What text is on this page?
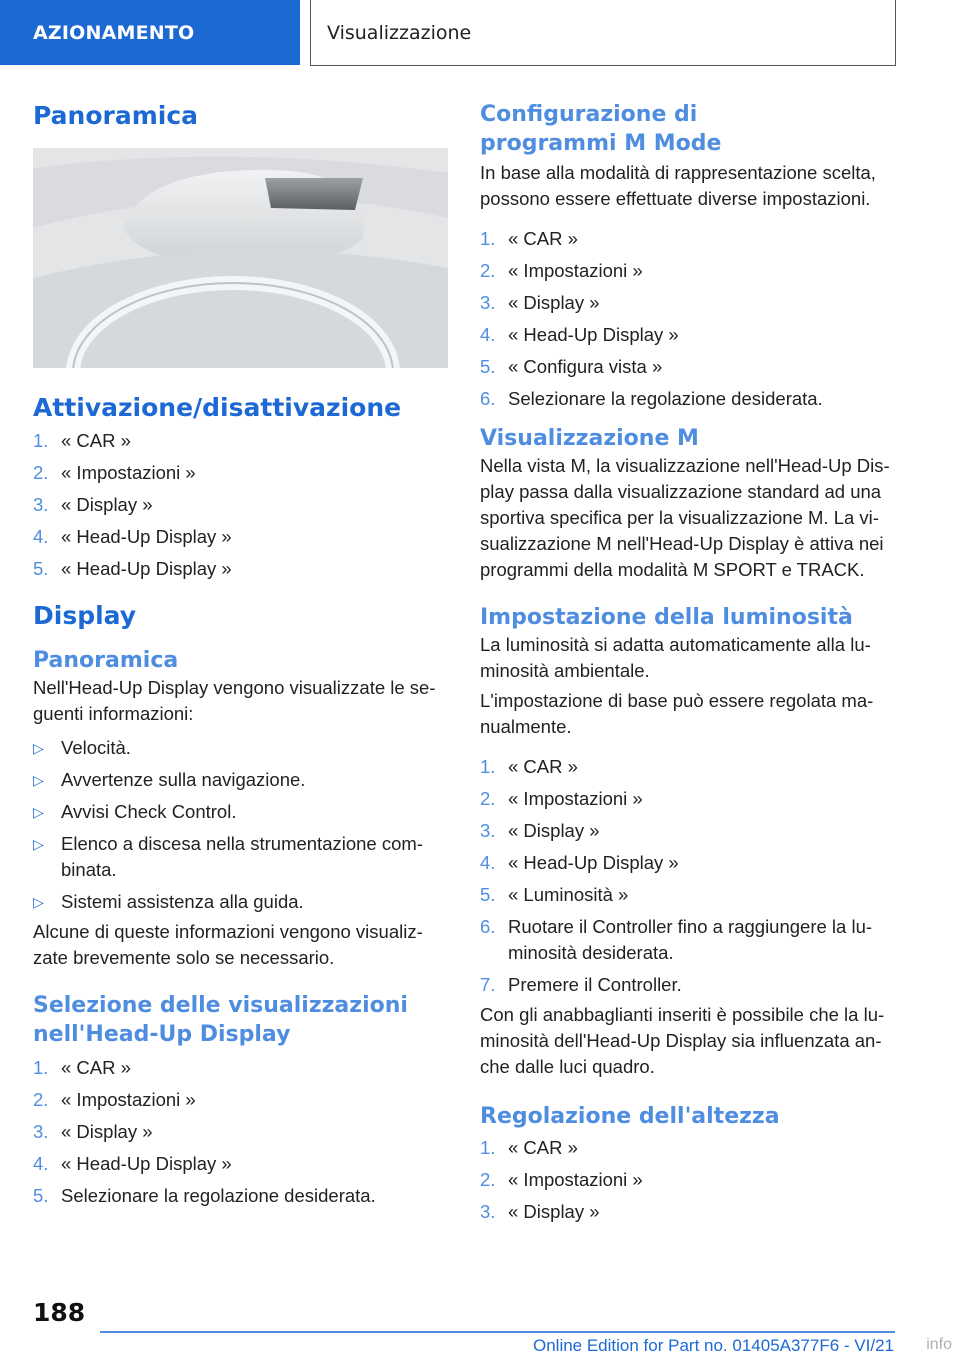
AZIONAMENTO	Visualizzazione
Panoramica
Attivazione/disattivazione
1. « CAR »
2. « Impostazioni »
3. « Display »
4. « Head-Up Display »
5. « Head-Up Display »
Display
Panoramica
Nell'Head-Up Display vengono visualizzate le se-guenti informazioni:
▷ Velocità.
▷ Avvertenze sulla navigazione.
▷ Avvisi Check Control.
▷ Elenco a discesa nella strumentazione com-binata.
▷ Sistemi assistenza alla guida.
Alcune di queste informazioni vengono visualiz-zate brevemente solo se necessario.
Selezione delle visualizzazioni nell'Head-Up Display
1. « CAR »
2. « Impostazioni »
3. « Display »
4. « Head-Up Display »
5. Selezionare la regolazione desiderata.
Configurazione di programmi M Mode
In base alla modalità di rappresentazione scelta, possono essere effettuate diverse impostazioni.
1. « CAR »
2. « Impostazioni »
3. « Display »
4. « Head-Up Display »
5. « Configura vista »
6. Selezionare la regolazione desiderata.
Visualizzazione M
Nella vista M, la visualizzazione nell'Head-Up Dis-play passa dalla visualizzazione standard ad una sportiva specifica per la visualizzazione M. La vi-sualizzazione M nell'Head-Up Display è attiva nei programmi della modalità M SPORT e TRACK.
Impostazione della luminosità
La luminosità si adatta automaticamente alla lu-minosità ambientale.
L'impostazione di base può essere regolata ma-nualmente.
1. « CAR »
2. « Impostazioni »
3. « Display »
4. « Head-Up Display »
5. « Luminosità »
6. Ruotare il Controller fino a raggiungere la lu-minosità desiderata.
7. Premere il Controller.
Con gli anabbaglianti inseriti è possibile che la lu-minosità dell'Head-Up Display sia influenzata an-che dalle luci quadro.
Regolazione dell'altezza
1. « CAR »
2. « Impostazioni »
3. « Display »
188
Online Edition for Part no. 01405A377F6 - VI/21 info
